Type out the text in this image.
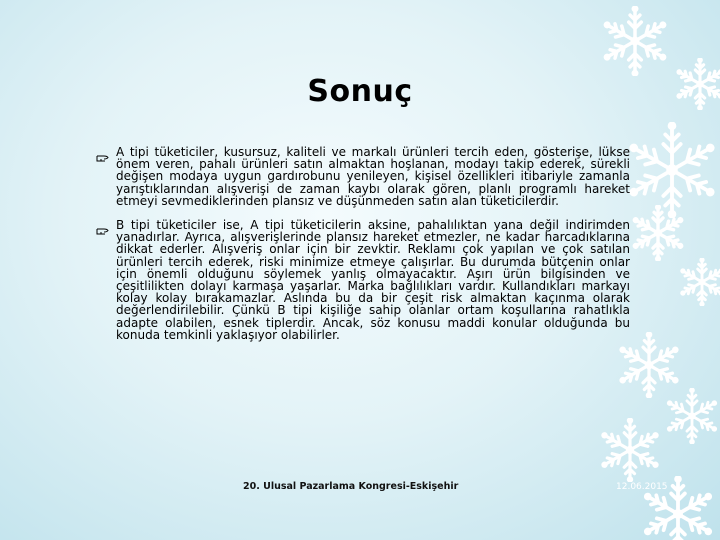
Sonuç

A tipi tüketiciler, kusursuz, kaliteli ve markalı ürünleri tercih eden, gösterişe, lükse önem veren, pahalı ürünleri satın almaktan hoşlanan, modayı takip ederek, sürekli değişen modaya uygun gardırobunu yenileyen, kişisel özellikleri itibariyle zamanla yarıştıklarından alışverişi de zaman kaybı olarak gören, planlı programlı hareket etmeyi sevmediklerinden plansız ve düşünmeden satın alan tüketicilerdir.

B tipi tüketiciler ise, A tipi tüketicilerin aksine, pahalılıktan yana değil indirimden yanadırlar. Ayrıca, alışverişlerinde plansız hareket etmezler, ne kadar harcadıklarına dikkat ederler. Alışveriş onlar için bir zevktir. Reklamı çok yapılan ve çok satılan ürünleri tercih ederek, riski minimize etmeye çalışırlar. Bu durumda bütçenin onlar için önemli olduğunu söylemek yanlış olmayacaktır. Aşırı ürün bilgisinden ve çeşitlilikten dolayı karmaşa yaşarlar. Marka bağlılıkları vardır. Kullandıkları markayı kolay kolay bırakamazlar. Aslında bu da bir çeşit risk almaktan kaçınma olarak değerlendirilebilir. Çünkü B tipi kişiliğe sahip olanlar ortam koşullarına rahatlıkla adapte olabilen, esnek tiplerdir. Ancak, söz konusu maddi konular olduğunda bu konuda temkinli yaklaşıyor olabilirler.

20. Ulusal Pazarlama Kongresi-Eskişehir	12.06.2015
